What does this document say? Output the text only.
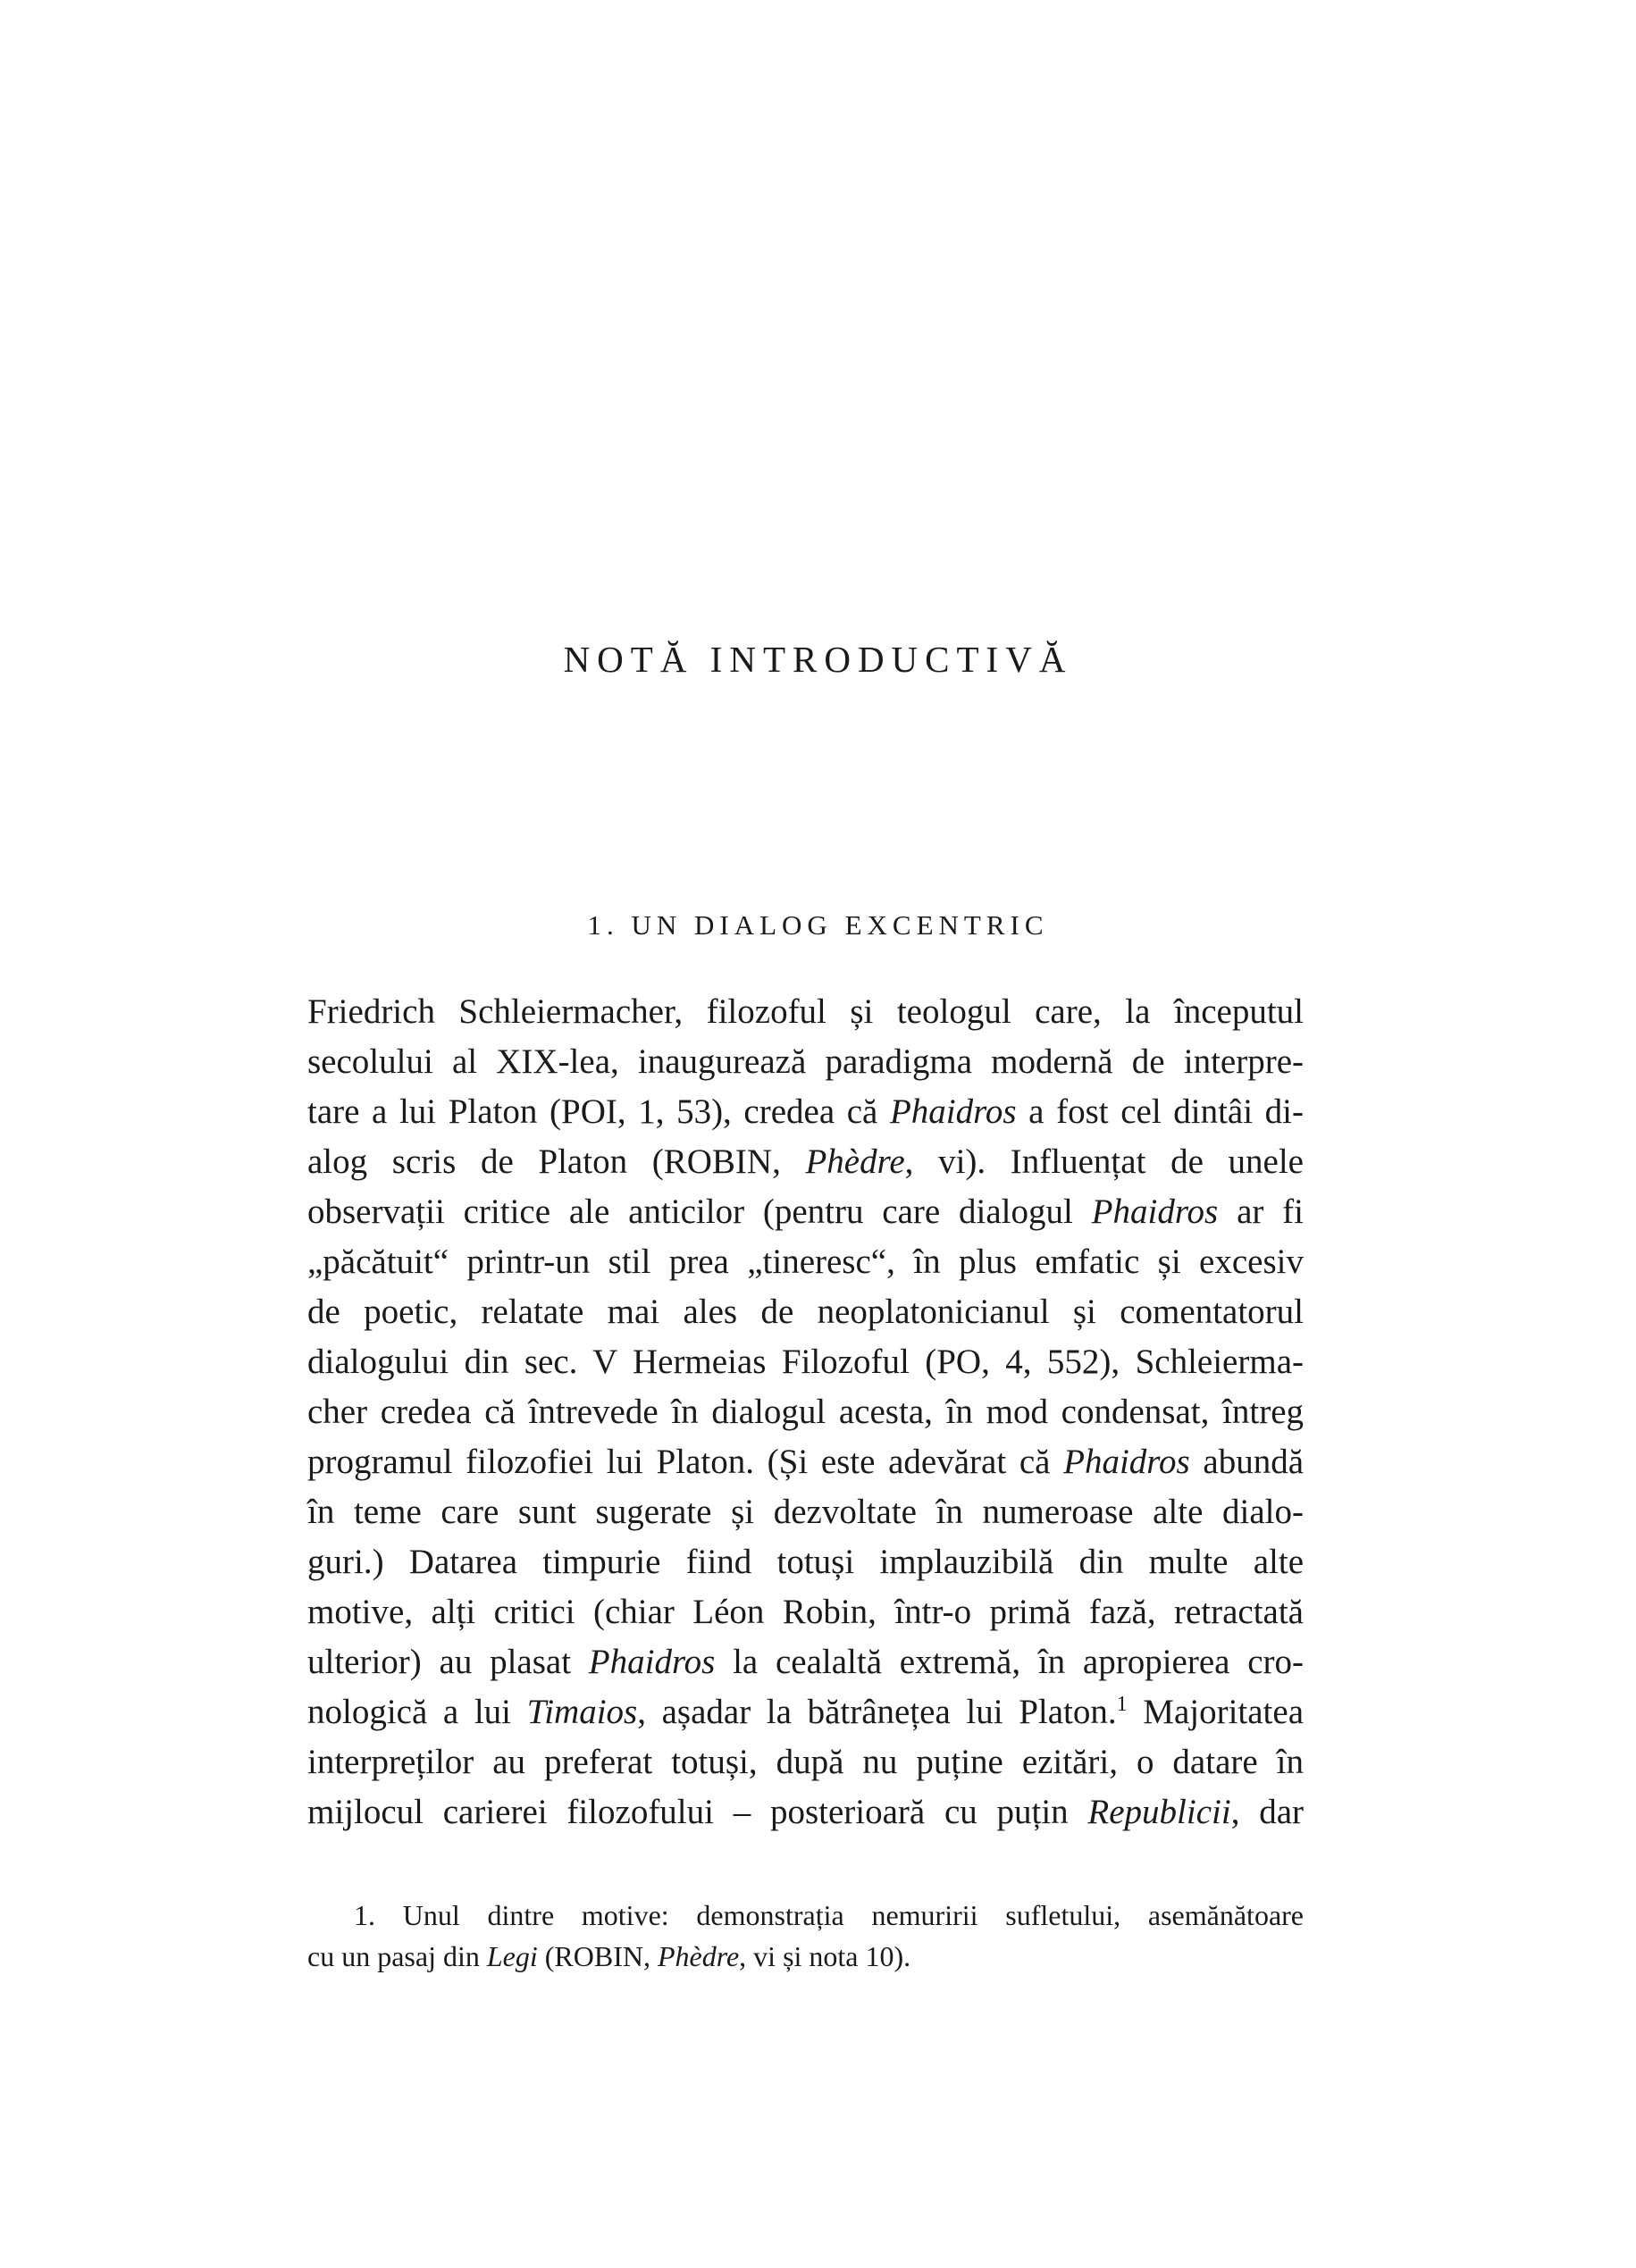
NOTĂ INTRODUCTIVĂ
1. UN DIALOG EXCENTRIC
Friedrich Schleiermacher, filozoful și teologul care, la începutul
secolului al XIX-lea, inaugurează paradigma modernă de interpre-
tare a lui Platon (POI, 1, 53), credea că Phaidros a fost cel dintâi di-
alog scris de Platon (ROBIN, Phèdre, vi). Influențat de unele
observații critice ale anticilor (pentru care dialogul Phaidros ar fi
„păcătuit“ printr-un stil prea „tineresc“, în plus emfatic și excesiv
de poetic, relatate mai ales de neoplatonicianul și comentatorul
dialogului din sec. V Hermeias Filozoful (PO, 4, 552), Schleierma-
cher credea că întrevede în dialogul acesta, în mod condensat, întreg
programul filozofiei lui Platon. (Și este adevărat că Phaidros abundă
în teme care sunt sugerate și dezvoltate în numeroase alte dialo-
guri.) Datarea timpurie fiind totuși implauzibilă din multe alte
motive, alți critici (chiar Léon Robin, într-o primă fază, retractată
ulterior) au plasat Phaidros la cealaltă extremă, în apropierea cro-
nologică a lui Timaios, așadar la bătrânețea lui Platon.$^1$ Majoritatea
interpreților au preferat totuși, după nu puține ezitări, o datare în
mijlocul carierei filozofului – posterioară cu puțin Republicii, dar
1. Unul dintre motive: demonstrația nemuririi sufletului, asemănătoare
cu un pasaj din Legi (ROBIN, Phèdre, vi și nota 10).
